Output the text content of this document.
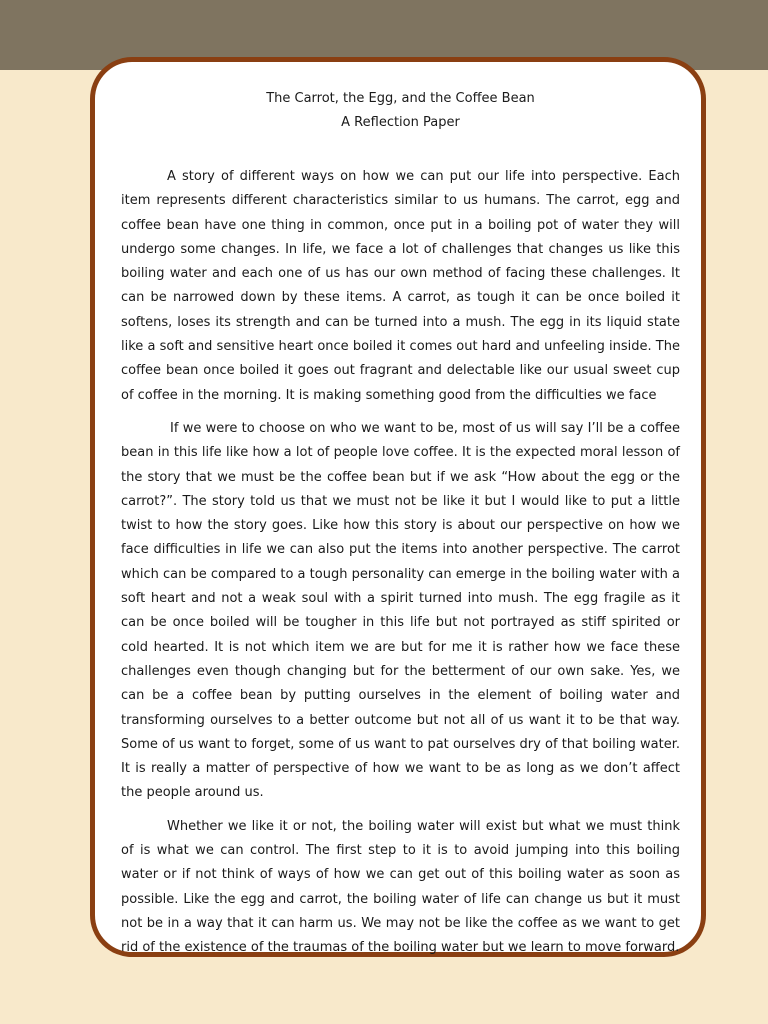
The Carrot, the Egg, and the Coffee Bean
A Reflection Paper

A story of different ways on how we can put our life into perspective. Each item represents different characteristics similar to us humans. The carrot, egg and coffee bean have one thing in common, once put in a boiling pot of water they will undergo some changes. In life, we face a lot of challenges that changes us like this boiling water and each one of us has our own method of facing these challenges. It can be narrowed down by these items. A carrot, as tough it can be once boiled it softens, loses its strength and can be turned into a mush. The egg in its liquid state like a soft and sensitive heart once boiled it comes out hard and unfeeling inside. The coffee bean once boiled it goes out fragrant and delectable like our usual sweet cup of coffee in the morning. It is making something good from the difficulties we face

If we were to choose on who we want to be, most of us will say I’ll be a coffee bean in this life like how a lot of people love coffee. It is the expected moral lesson of the story that we must be the coffee bean but if we ask “How about the egg or the carrot?”. The story told us that we must not be like it but I would like to put a little twist to how the story goes. Like how this story is about our perspective on how we face difficulties in life we can also put the items into another perspective. The carrot which can be compared to a tough personality can emerge in the boiling water with a soft heart and not a weak soul with a spirit turned into mush. The egg fragile as it can be once boiled will be tougher in this life but not portrayed as stiff spirited or cold hearted. It is not which item we are but for me it is rather how we face these challenges even though changing but for the betterment of our own sake. Yes, we can be a coffee bean by putting ourselves in the element of boiling water and transforming ourselves to a better outcome but not all of us want it to be that way. Some of us want to forget, some of us want to pat ourselves dry of that boiling water. It is really a matter of perspective of how we want to be as long as we don’t affect the people around us.

Whether we like it or not, the boiling water will exist but what we must think of is what we can control. The first step to it is to avoid jumping into this boiling water or if not think of ways of how we can get out of this boiling water as soon as possible. Like the egg and carrot, the boiling water of life can change us but it must not be in a way that it can harm us. We may not be like the coffee as we want to get rid of the existence of the traumas of the boiling water but we learn to move forward.
